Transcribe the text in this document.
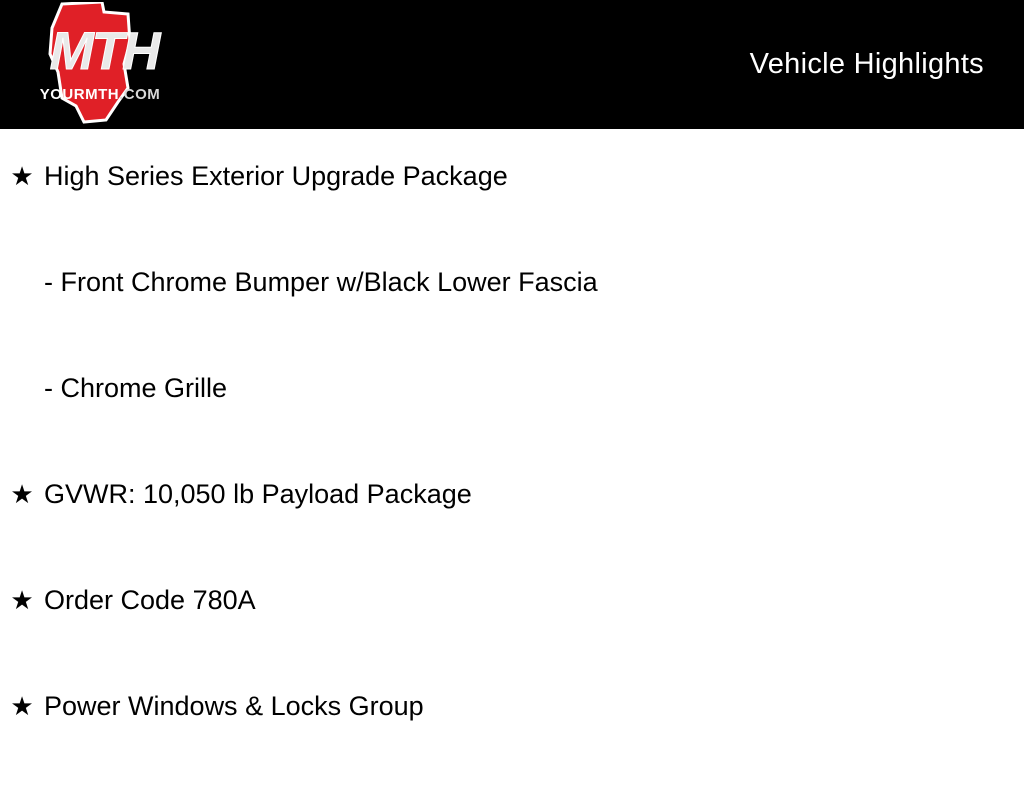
MTH
YOURMTH.COM
Vehicle Highlights
★ High Series Exterior Upgrade Package
- Front Chrome Bumper w/Black Lower Fascia
- Chrome Grille
★ GVWR: 10,050 lb Payload Package
★ Order Code 780A
★ Power Windows & Locks Group
